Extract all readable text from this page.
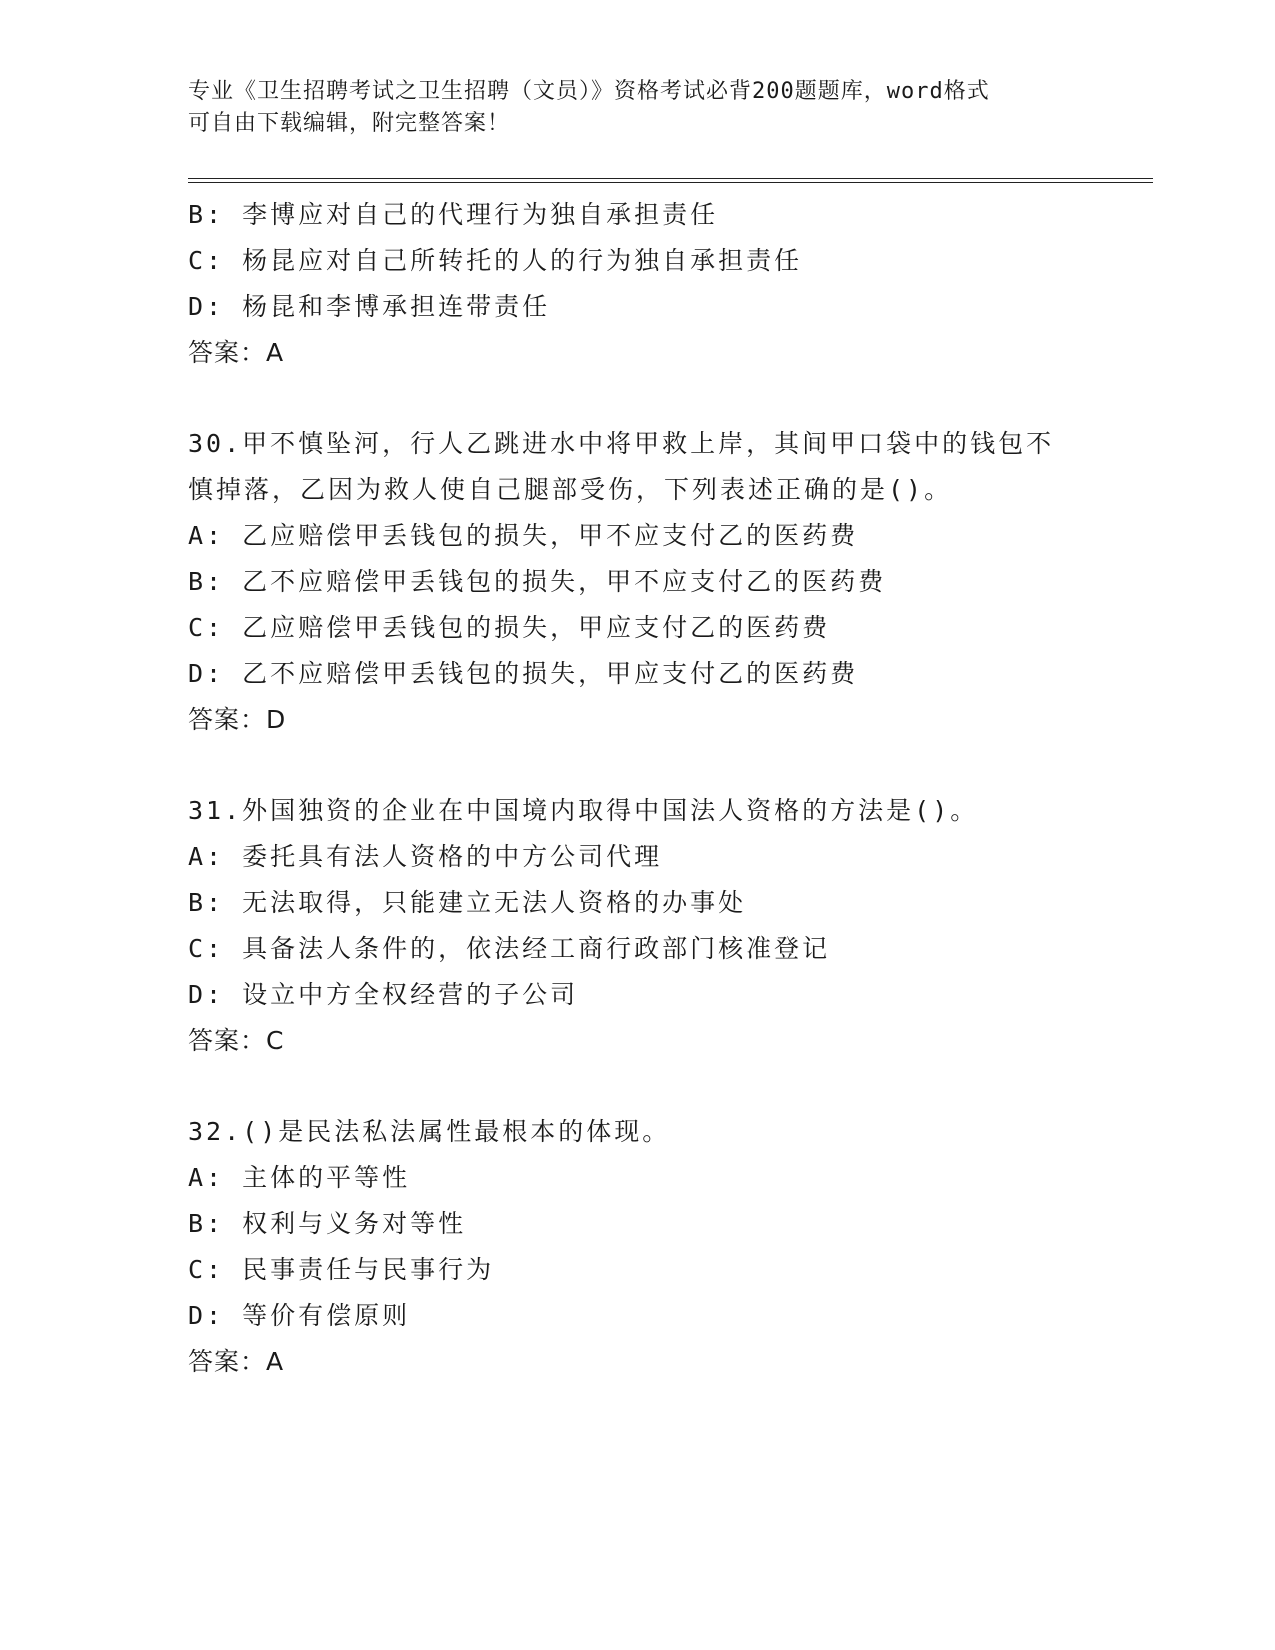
专业《卫生招聘考试之卫生招聘（文员）》资格考试必背200题题库，word格式
可自由下载编辑，附完整答案！
B: 李博应对自己的代理行为独自承担责任
C: 杨昆应对自己所转托的人的行为独自承担责任
D: 杨昆和李博承担连带责任
答案：A
30.甲不慎坠河，行人乙跳进水中将甲救上岸，其间甲口袋中的钱包不
慎掉落，乙因为救人使自己腿部受伤，下列表述正确的是()。
A: 乙应赔偿甲丢钱包的损失，甲不应支付乙的医药费
B: 乙不应赔偿甲丢钱包的损失，甲不应支付乙的医药费
C: 乙应赔偿甲丢钱包的损失，甲应支付乙的医药费
D: 乙不应赔偿甲丢钱包的损失，甲应支付乙的医药费
答案：D
31.外国独资的企业在中国境内取得中国法人资格的方法是()。
A: 委托具有法人资格的中方公司代理
B: 无法取得，只能建立无法人资格的办事处
C: 具备法人条件的，依法经工商行政部门核准登记
D: 设立中方全权经营的子公司
答案：C
32.()是民法私法属性最根本的体现。
A: 主体的平等性
B: 权利与义务对等性
C: 民事责任与民事行为
D: 等价有偿原则
答案：A
